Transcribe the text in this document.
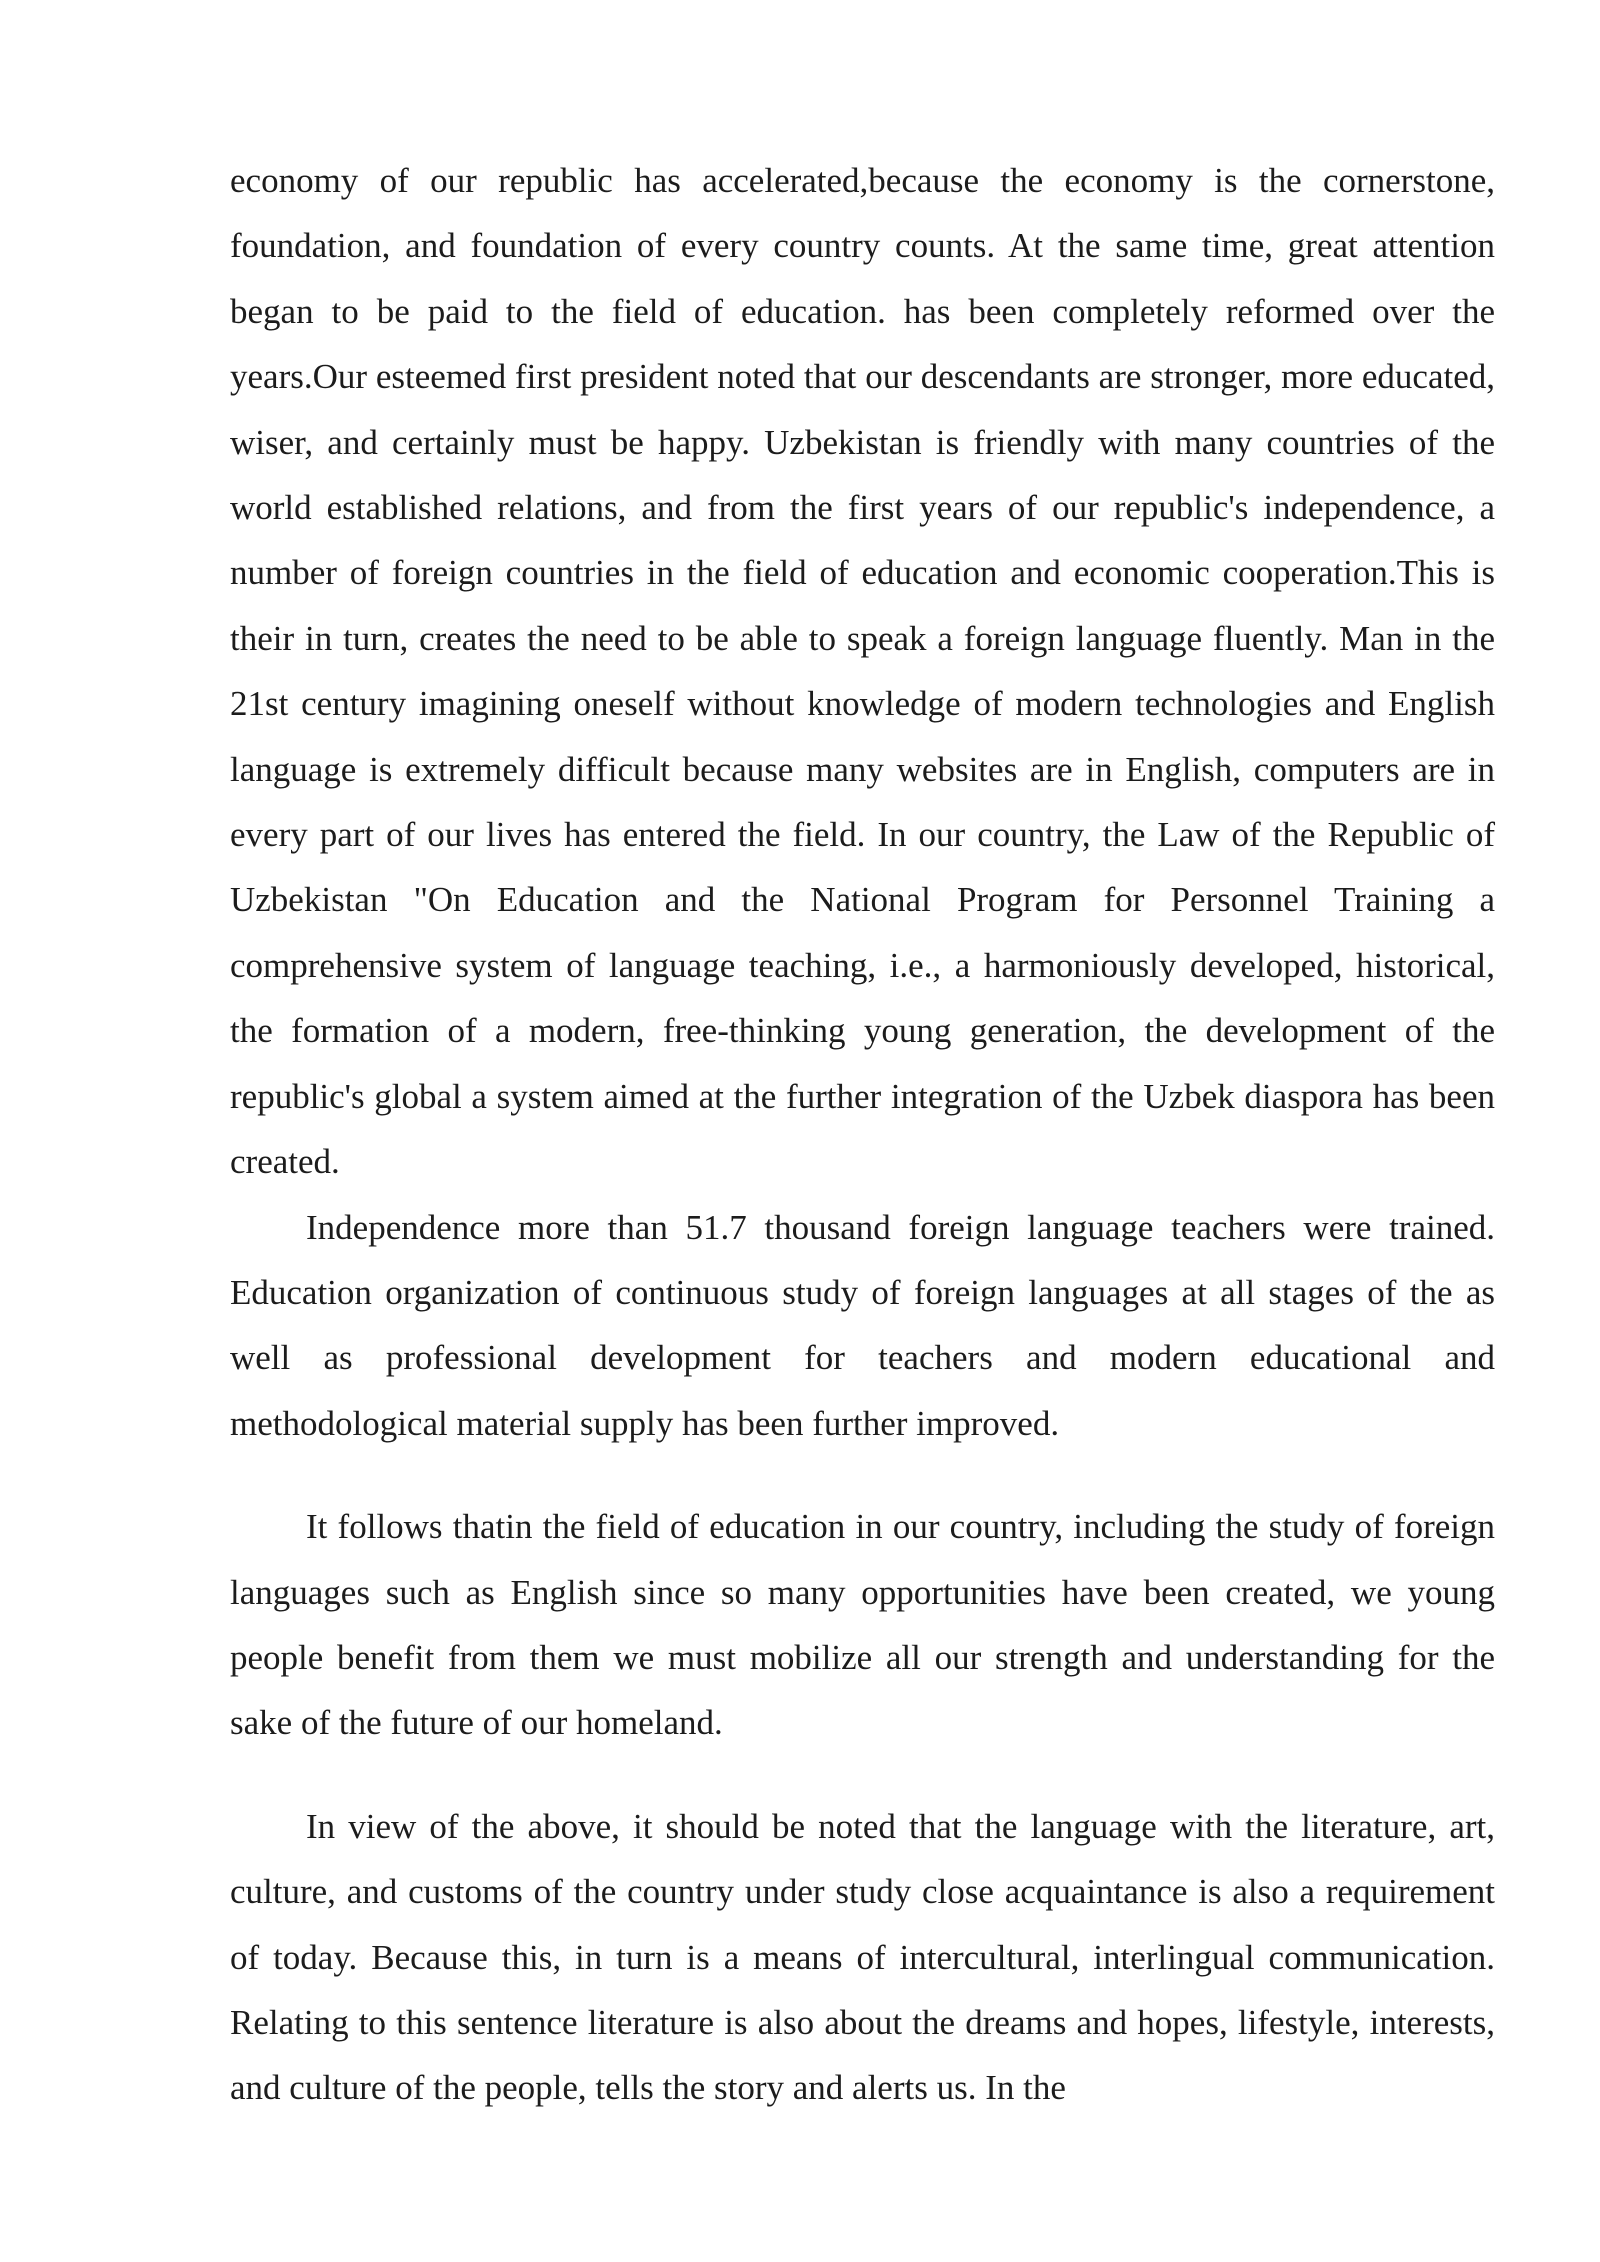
economy of our republic has accelerated,because the economy is the cornerstone, foundation, and foundation of every country counts. At the same time, great attention began to be paid to the field of education. has been completely reformed over the years.Our esteemed first president noted that our descendants are stronger, more educated, wiser, and certainly must be happy. Uzbekistan is friendly with many countries of the world established relations, and from the first years of our republic's independence, a number of foreign countries in the field of education and economic cooperation.This is their in turn, creates the need to be able to speak a foreign language fluently. Man in the 21st century imagining oneself without knowledge of modern technologies and English language is extremely difficult because many websites are in English, computers are in every part of our lives has entered the field. In our country, the Law of the Republic of Uzbekistan "On Education and the National Program for Personnel Training a comprehensive system of language teaching, i.e., a harmoniously developed, historical, the formation of a modern, free-thinking young generation, the development of the republic's global a system aimed at the further integration of the Uzbek diaspora has been created.

Independence more than 51.7 thousand foreign language teachers were trained. Education organization of continuous study of foreign languages at all stages of the as well as professional development for teachers and modern educational and methodological material supply has been further improved.

It follows thatin the field of education in our country, including the study of foreign languages such as English since so many opportunities have been created, we young people benefit from them we must mobilize all our strength and understanding for the sake of the future of our homeland.

In view of the above, it should be noted that the language with the literature, art, culture, and customs of the country under study close acquaintance is also a requirement of today. Because this, in turn is a means of intercultural, interlingual communication. Relating to this sentence literature is also about the dreams and hopes, lifestyle, interests, and culture of the people, tells the story and alerts us. In the
